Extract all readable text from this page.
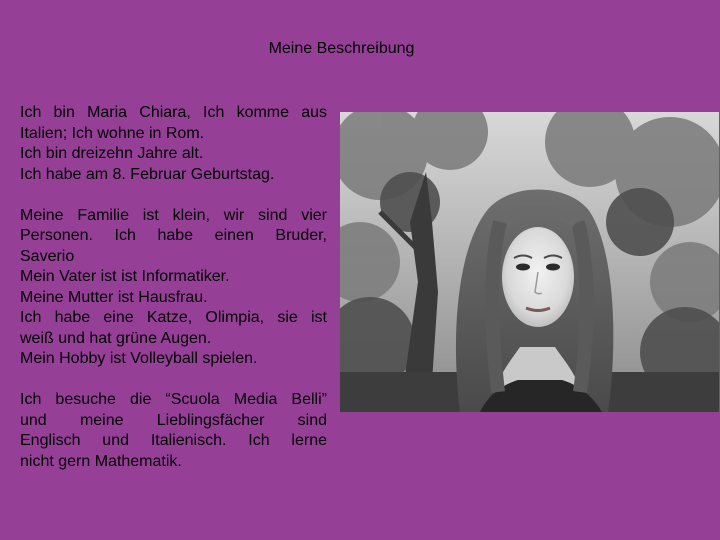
Meine Beschreibung
Ich bin Maria Chiara, Ich komme aus
Italien; Ich wohne in Rom.
Ich bin dreizehn Jahre alt.
Ich habe am 8. Februar Geburtstag.
Meine Familie ist klein, wir sind vier
Personen. Ich habe einen Bruder,
Saverio
Mein Vater ist ist Informatiker.
Meine Mutter ist Hausfrau.
Ich habe eine Katze, Olimpia, sie ist
weiß und hat grüne Augen.
Mein Hobby ist Volleyball spielen.
Ich besuche die “Scuola Media Belli”
und meine Lieblingsfächer sind
Englisch und Italienisch. Ich lerne
nicht gern Mathematik.
